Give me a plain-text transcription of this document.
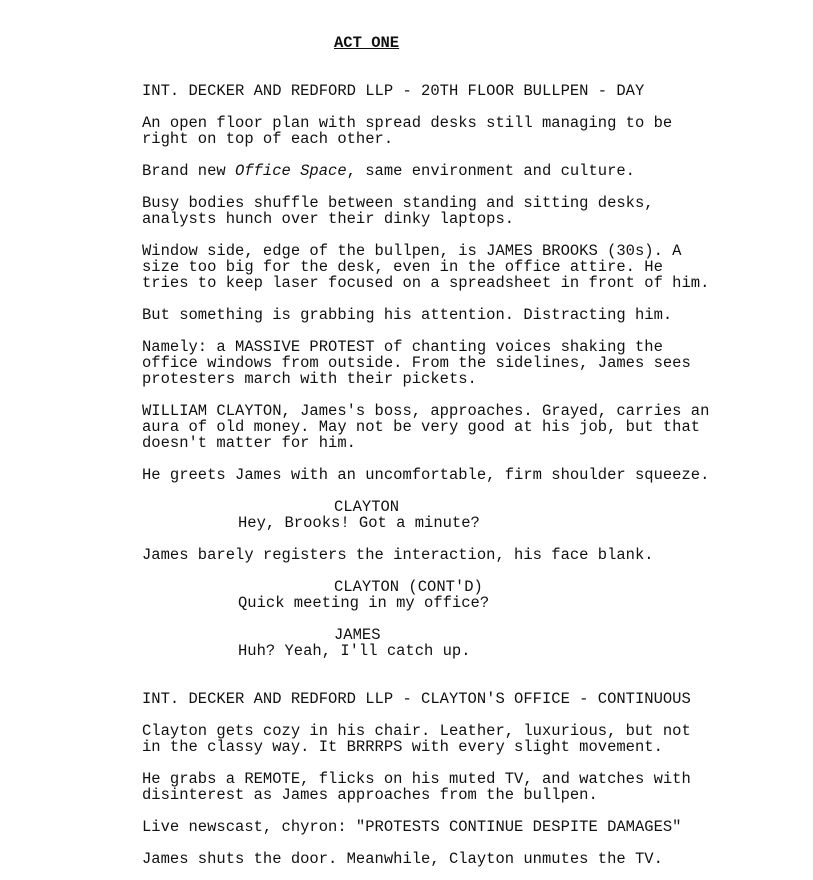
ACT ONE
INT. DECKER AND REDFORD LLP - 20TH FLOOR BULLPEN - DAY
An open floor plan with spread desks still managing to be
right on top of each other.
Brand new Office Space, same environment and culture.
Busy bodies shuffle between standing and sitting desks,
analysts hunch over their dinky laptops.
Window side, edge of the bullpen, is JAMES BROOKS (30s). A
size too big for the desk, even in the office attire. He
tries to keep laser focused on a spreadsheet in front of him.
But something is grabbing his attention. Distracting him.
Namely: a MASSIVE PROTEST of chanting voices shaking the
office windows from outside. From the sidelines, James sees
protesters march with their pickets.
WILLIAM CLAYTON, James's boss, approaches. Grayed, carries an
aura of old money. May not be very good at his job, but that
doesn't matter for him.
He greets James with an uncomfortable, firm shoulder squeeze.
CLAYTON
Hey, Brooks! Got a minute?
James barely registers the interaction, his face blank.
CLAYTON (CONT'D)
Quick meeting in my office?
JAMES
Huh? Yeah, I'll catch up.
INT. DECKER AND REDFORD LLP - CLAYTON'S OFFICE - CONTINUOUS
Clayton gets cozy in his chair. Leather, luxurious, but not
in the classy way. It BRRRPS with every slight movement.
He grabs a REMOTE, flicks on his muted TV, and watches with
disinterest as James approaches from the bullpen.
Live newscast, chyron: "PROTESTS CONTINUE DESPITE DAMAGES"
James shuts the door. Meanwhile, Clayton unmutes the TV.
